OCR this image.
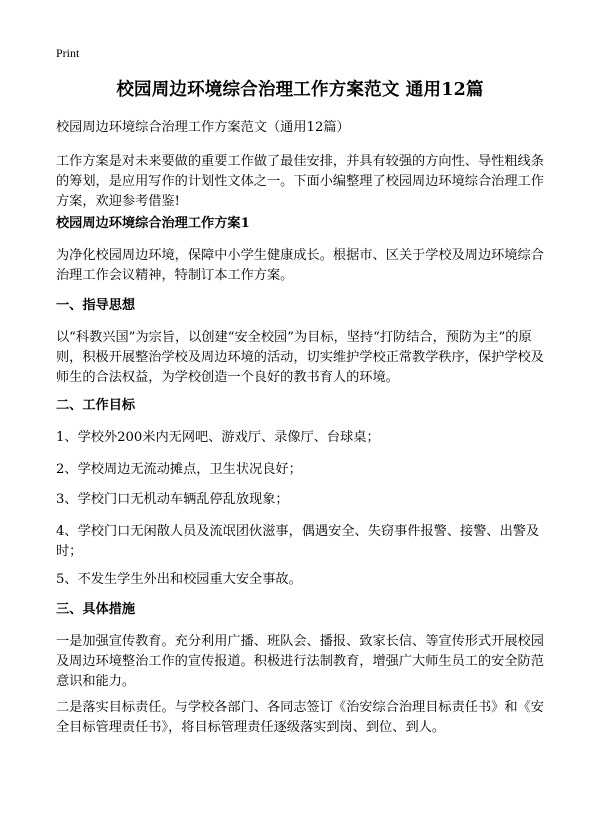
Print
校园周边环境综合治理工作方案范文 通用12篇
校园周边环境综合治理工作方案范文（通用12篇）

工作方案是对未来要做的重要工作做了最佳安排，并具有较强的方向性、导性粗线条的筹划，是应用写作的计划性文体之一。下面小编整理了校园周边环境综合治理工作方案，欢迎参考借鉴!

校园周边环境综合治理工作方案1

为净化校园周边环境，保障中小学生健康成长。根据市、区关于学校及周边环境综合治理工作会议精神，特制订本工作方案。

一、指导思想

以“科教兴国”为宗旨，以创建“安全校园”为目标，坚持“打防结合，预防为主”的原则，积极开展整治学校及周边环境的活动，切实维护学校正常教学秩序，保护学校及师生的合法权益，为学校创造一个良好的教书育人的环境。

二、工作目标

1、学校外200米内无网吧、游戏厅、录像厅、台球桌；

2、学校周边无流动摊点，卫生状况良好；

3、学校门口无机动车辆乱停乱放现象；

4、学校门口无闲散人员及流氓团伙滋事，偶遇安全、失窃事件报警、接警、出警及时；

5、不发生学生外出和校园重大安全事故。

三、具体措施

一是加强宣传教育。充分利用广播、班队会、播报、致家长信、等宣传形式开展校园及周边环境整治工作的宣传报道。积极进行法制教育，增强广大师生员工的安全防范意识和能力。

二是落实目标责任。与学校各部门、各同志签订《治安综合治理目标责任书》和《安全目标管理责任书》，将目标管理责任逐级落实到岗、到位、到人。
